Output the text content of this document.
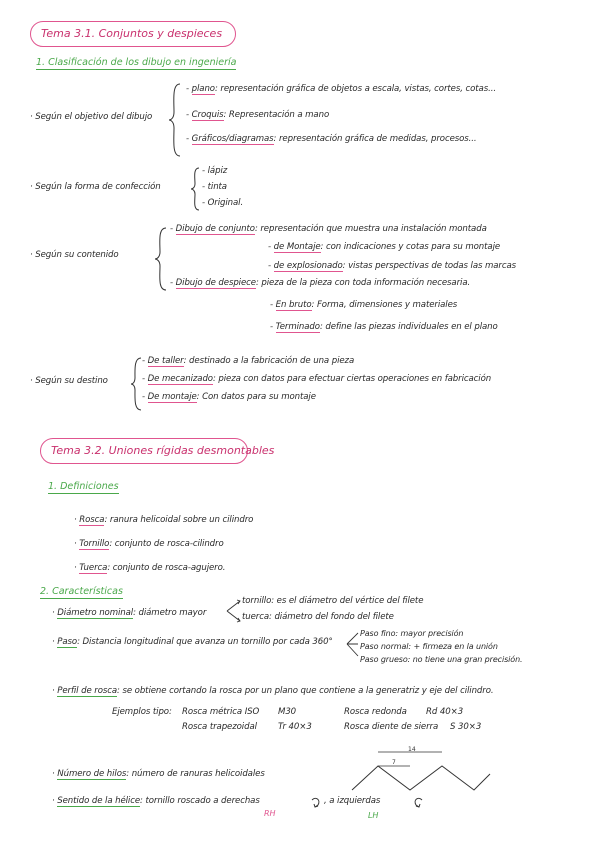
Tema 3.1. Conjuntos y despieces
1. Clasificación de los dibujo en ingeniería
· Según el objetivo del dibujo
- plano: representación gráfica de objetos a escala, vistas, cortes, cotas...
- Croquis: Representación a mano
- Gráficos/diagramas: representación gráfica de medidas, procesos...
· Según la forma de confección
- lápiz
- tinta
- Original.
· Según su contenido
- Dibujo de conjunto: representación que muestra una instalación montada
- de Montaje: con indicaciones y cotas para su montaje
- de explosionado: vistas perspectivas de todas las marcas
- Dibujo de despiece: pieza de la pieza con toda información necesaria.
- En bruto: Forma, dimensiones y materiales
- Terminado: define las piezas individuales en el plano
· Según su destino
- De taller: destinado a la fabricación de una pieza
- De mecanizado: pieza con datos para efectuar ciertas operaciones en fabricación
- De montaje: Con datos para su montaje
Tema 3.2. Uniones rígidas desmontables
1. Definiciones
· Rosca: ranura helicoidal sobre un cilindro
· Tornillo: conjunto de rosca-cilindro
· Tuerca: conjunto de rosca-agujero.
2. Características
· Diámetro nominal: diámetro mayor
tornillo: es el diámetro del vértice del filete
tuerca: diámetro del fondo del filete
· Paso: Distancia longitudinal que avanza un tornillo por cada 360°
Paso fino: mayor precisión
Paso normal: + firmeza en la unión
Paso grueso: no tiene una gran precisión.
· Perfil de rosca: se obtiene cortando la rosca por un plano que contiene a la generatriz y eje del cilindro.
Ejemplos tipo: Rosca métrica ISO M30	Rosca redonda Rd 40×3
Rosca trapezoidal Tr 40×3	Rosca diente de sierra S 30×3
· Número de hilos: número de ranuras helicoidales
14
7
· Sentido de la hélice: tornillo roscado a derechas	, a izquierdas
RH	LH
